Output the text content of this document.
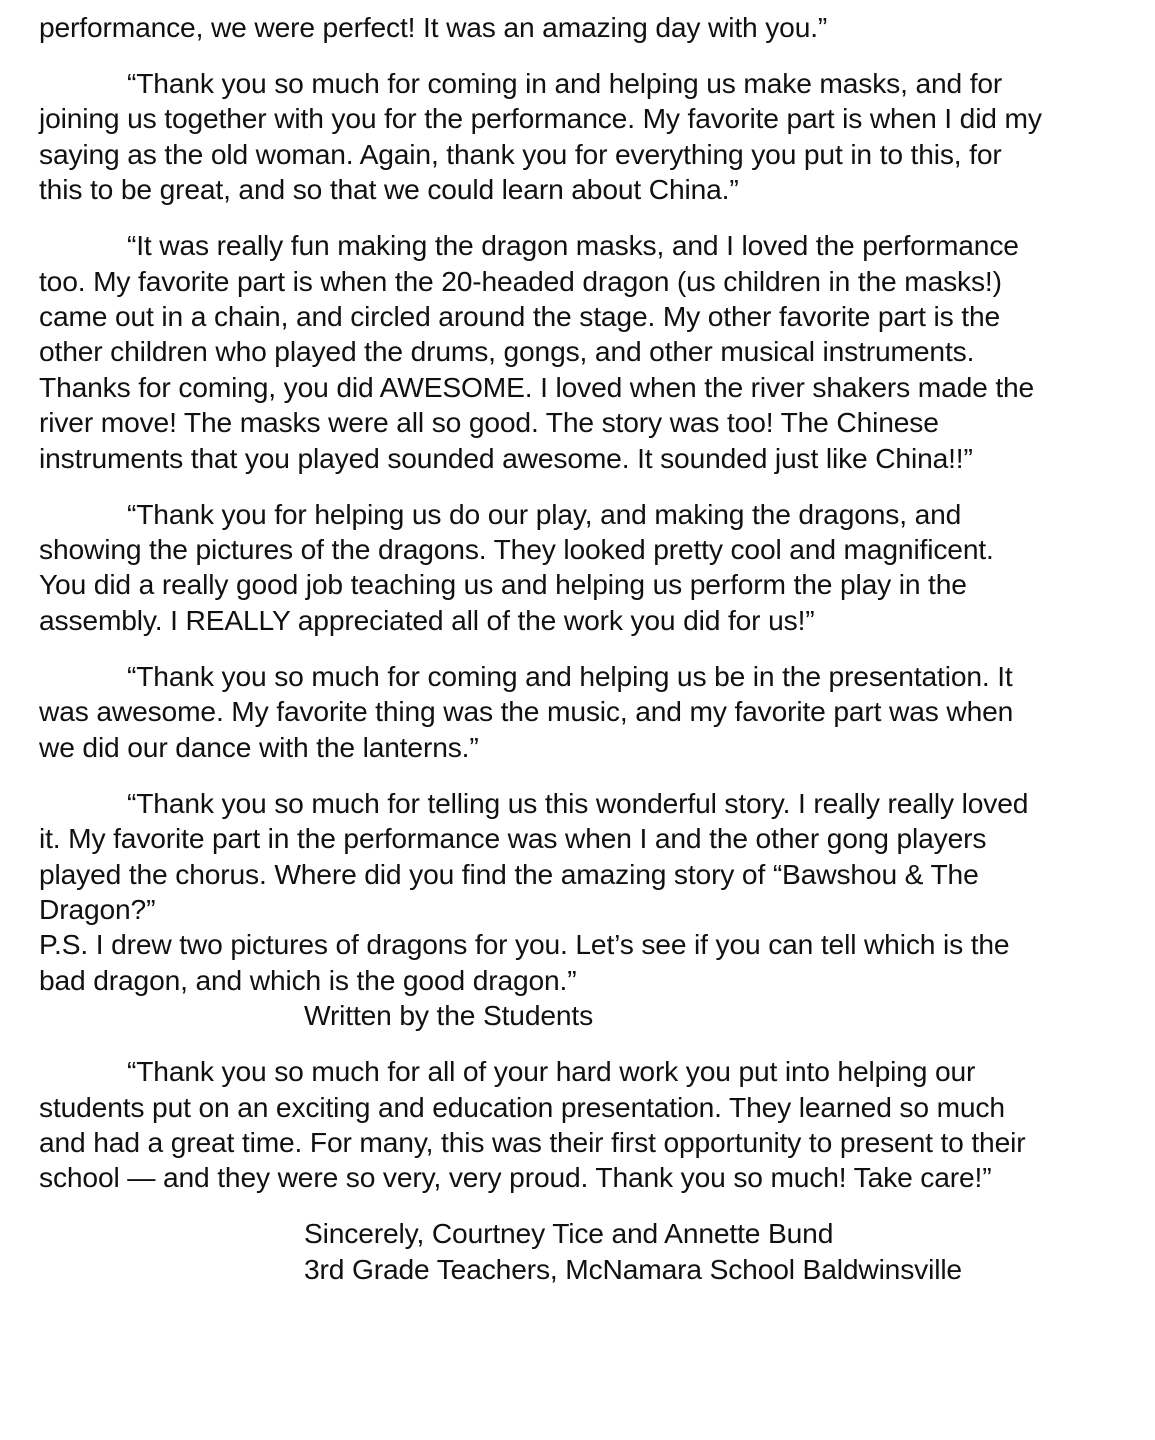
performance, we were perfect! It was an amazing day with you.”

“Thank you so much for coming in and helping us make masks, and for
joining us together with you for the performance. My favorite part is when I did my
saying as the old woman. Again, thank you for everything you put in to this, for
this to be great, and so that we could learn about China.”

“It was really fun making the dragon masks, and I loved the performance
too. My favorite part is when the 20-headed dragon (us children in the masks!)
came out in a chain, and circled around the stage. My other favorite part is the
other children who played the drums, gongs, and other musical instruments.
Thanks for coming, you did AWESOME. I loved when the river shakers made the
river move! The masks were all so good. The story was too! The Chinese
instruments that you played sounded awesome. It sounded just like China!!”

“Thank you for helping us do our play, and making the dragons, and
showing the pictures of the dragons. They looked pretty cool and magnificent.
You did a really good job teaching us and helping us perform the play in the
assembly. I REALLY appreciated all of the work you did for us!”

“Thank you so much for coming and helping us be in the presentation. It
was awesome. My favorite thing was the music, and my favorite part was when
we did our dance with the lanterns.”

“Thank you so much for telling us this wonderful story. I really really loved
it. My favorite part in the performance was when I and the other gong players
played the chorus. Where did you find the amazing story of “Bawshou & The
Dragon?”
P.S. I drew two pictures of dragons for you. Let’s see if you can tell which is the
bad dragon, and which is the good dragon.”
Written by the Students

“Thank you so much for all of your hard work you put into helping our
students put on an exciting and education presentation. They learned so much
and had a great time. For many, this was their first opportunity to present to their
school — and they were so very, very proud. Thank you so much! Take care!”

Sincerely, Courtney Tice and Annette Bund
3rd Grade Teachers, McNamara School Baldwinsville
